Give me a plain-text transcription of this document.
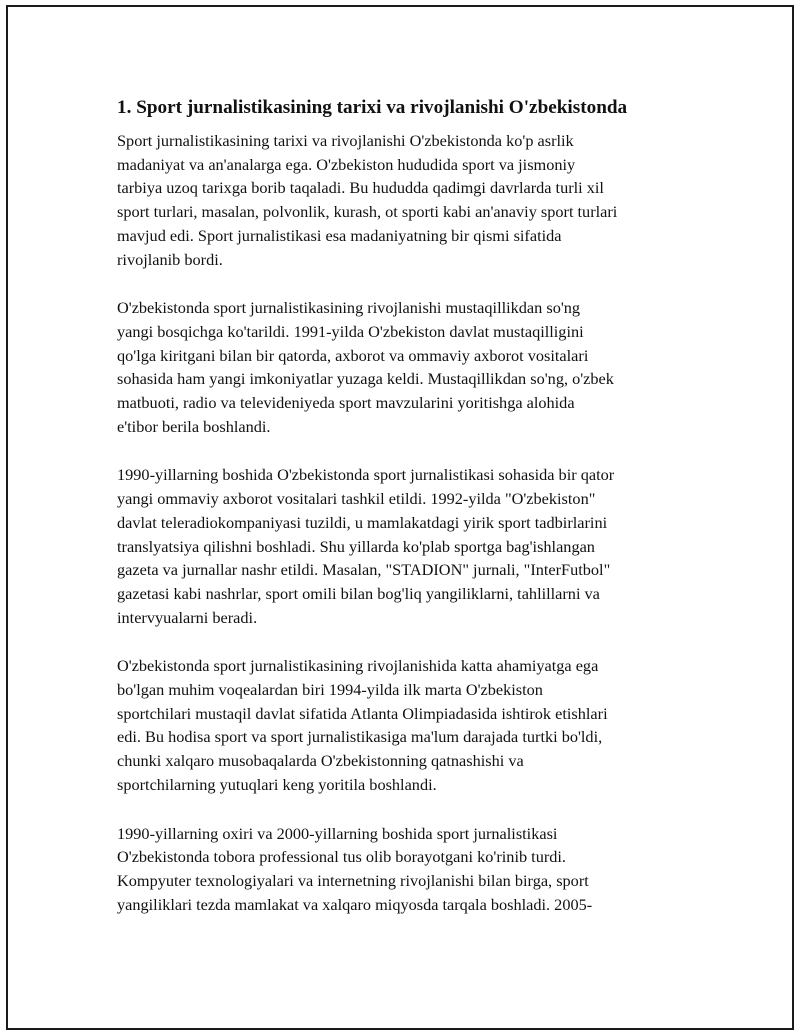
1. Sport jurnalistikasining tarixi va rivojlanishi O'zbekistonda
Sport jurnalistikasining tarixi va rivojlanishi O'zbekistonda ko'p asrlik
madaniyat va an'analarga ega. O'zbekiston hududida sport va jismoniy
tarbiya uzoq tarixga borib taqaladi. Bu hududda qadimgi davrlarda turli xil
sport turlari, masalan, polvonlik, kurash, ot sporti kabi an'anaviy sport turlari
mavjud edi. Sport jurnalistikasi esa madaniyatning bir qismi sifatida
rivojlanib bordi.
O'zbekistonda sport jurnalistikasining rivojlanishi mustaqillikdan so'ng
yangi bosqichga ko'tarildi. 1991-yilda O'zbekiston davlat mustaqilligini
qo'lga kiritgani bilan bir qatorda, axborot va ommaviy axborot vositalari
sohasida ham yangi imkoniyatlar yuzaga keldi. Mustaqillikdan so'ng, o'zbek
matbuoti, radio va televideniyeda sport mavzularini yoritishga alohida
e'tibor berila boshlandi.
1990-yillarning boshida O'zbekistonda sport jurnalistikasi sohasida bir qator
yangi ommaviy axborot vositalari tashkil etildi. 1992-yilda "O'zbekiston"
davlat teleradiokompaniyasi tuzildi, u mamlakatdagi yirik sport tadbirlarini
translyatsiya qilishni boshladi. Shu yillarda ko'plab sportga bag'ishlangan
gazeta va jurnallar nashr etildi. Masalan, "STADION" jurnali, "InterFutbol"
gazetasi kabi nashrlar, sport omili bilan bog'liq yangiliklarni, tahlillarni va
intervyualarni beradi.
O'zbekistonda sport jurnalistikasining rivojlanishida katta ahamiyatga ega
bo'lgan muhim voqealardan biri 1994-yilda ilk marta O'zbekiston
sportchilari mustaqil davlat sifatida Atlanta Olimpiadasida ishtirok etishlari
edi. Bu hodisa sport va sport jurnalistikasiga ma'lum darajada turtki bo'ldi,
chunki xalqaro musobaqalarda O'zbekistonning qatnashishi va
sportchilarning yutuqlari keng yoritila boshlandi.
1990-yillarning oxiri va 2000-yillarning boshida sport jurnalistikasi
O'zbekistonda tobora professional tus olib borayotgani ko'rinib turdi.
Kompyuter texnologiyalari va internetning rivojlanishi bilan birga, sport
yangiliklari tezda mamlakat va xalqaro miqyosda tarqala boshladi. 2005-
